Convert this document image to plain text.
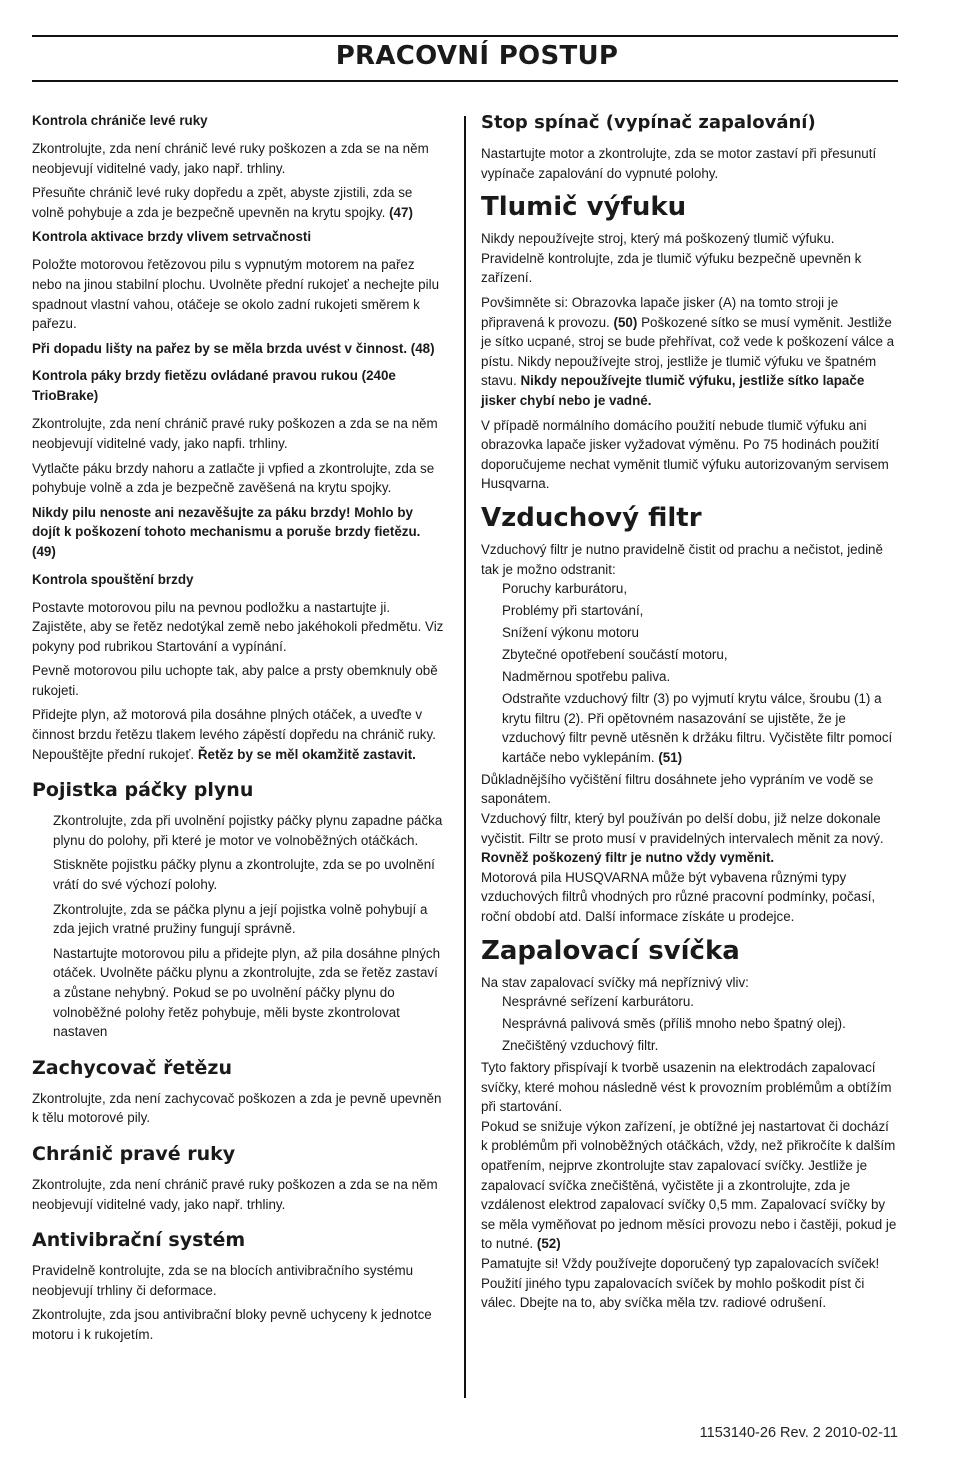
PRACOVNÍ POSTUP
Kontrola chrániče levé ruky

Zkontrolujte, zda není chránič levé ruky poškozen a zda se na něm neobjevují viditelné vady, jako např. trhliny.

Přesuňte chránič levé ruky dopředu a zpět, abyste zjistili, zda se volně pohybuje a zda je bezpečně upevněn na krytu spojky. (47)

Kontrola aktivace brzdy vlivem setrvačnosti

Položte motorovou řetězovou pilu s vypnutým motorem na pařez nebo na jinou stabilní plochu. Uvolněte přední rukojeť a nechejte pilu spadnout vlastní vahou, otáčeje se okolo zadní rukojeti směrem k pařezu.

Při dopadu lišty na pařez by se měla brzda uvést v činnost. (48)

Kontrola páky brzdy fietězu ovládané pravou rukou (240e TrioBrake)

Zkontrolujte, zda není chránič pravé ruky poškozen a zda se na něm neobjevují viditelné vady, jako napfi. trhliny.

Vytlačte páku brzdy nahoru a zatlačte ji vpfied a zkontrolujte, zda se pohybuje volně a zda je bezpečně zavěšená na krytu spojky.

Nikdy pilu nenoste ani nezavěšujte za páku brzdy! Mohlo by dojít k poškození tohoto mechanismu a poruše brzdy fietězu. (49)

Kontrola spouštění brzdy

Postavte motorovou pilu na pevnou podložku a nastartujte ji. Zajistěte, aby se řetěz nedotýkal země nebo jakéhokoli předmětu. Viz pokyny pod rubrikou Startování a vypínání.

Pevně motorovou pilu uchopte tak, aby palce a prsty obemknuly obě rukojeti.

Přidejte plyn, až motorová pila dosáhne plných otáček, a uveďte v činnost brzdu řetězu tlakem levého zápěstí dopředu na chránič ruky. Nepouštějte přední rukojeť. Řetěz by se měl okamžitě zastavit.

Pojistka páčky plynu

Zkontrolujte, zda při uvolnění pojistky páčky plynu zapadne páčka plynu do polohy, při které je motor ve volnoběžných otáčkách.

Stiskněte pojistku páčky plynu a zkontrolujte, zda se po uvolnění vrátí do své výchozí polohy.

Zkontrolujte, zda se páčka plynu a její pojistka volně pohybují a zda jejich vratné pružiny fungují správně.

Nastartujte motorovou pilu a přidejte plyn, až pila dosáhne plných otáček. Uvolněte páčku plynu a zkontrolujte, zda se řetěz zastaví a zůstane nehybný. Pokud se po uvolnění páčky plynu do volnoběžné polohy řetěz pohybuje, měli byste zkontrolovat nastaven

Zachycovač řetězu

Zkontrolujte, zda není zachycovač poškozen a zda je pevně upevněn k tělu motorové pily.

Chránič pravé ruky

Zkontrolujte, zda není chránič pravé ruky poškozen a zda se na něm neobjevují viditelné vady, jako např. trhliny.

Antivibrační systém

Pravidelně kontrolujte, zda se na blocích antivibračního systému neobjevují trhliny či deformace.

Zkontrolujte, zda jsou antivibrační bloky pevně uchyceny k jednotce motoru i k rukojetím.

Stop spínač (vypínač zapalování)

Nastartujte motor a zkontrolujte, zda se motor zastaví při přesunutí vypínače zapalování do vypnuté polohy.

Tlumič výfuku

Nikdy nepoužívejte stroj, který má poškozený tlumič výfuku. Pravidelně kontrolujte, zda je tlumič výfuku bezpečně upevněn k zařízení.

Povšimněte si: Obrazovka lapače jisker (A) na tomto stroji je připravená k provozu. (50) Poškozené sítko se musí vyměnit. Jestliže je sítko ucpané, stroj se bude přehřívat, což vede k poškození válce a pístu. Nikdy nepoužívejte stroj, jestliže je tlumič výfuku ve špatném stavu. Nikdy nepoužívejte tlumič výfuku, jestliže sítko lapače jisker chybí nebo je vadné.

V případě normálního domácího použití nebude tlumič výfuku ani obrazovka lapače jisker vyžadovat výměnu. Po 75 hodinách použití doporučujeme nechat vyměnit tlumič výfuku autorizovaným servisem Husqvarna.

Vzduchový filtr

Vzduchový filtr je nutno pravidelně čistit od prachu a nečistot, jedině tak je možno odstranit:

Poruchy karburátoru,

Problémy při startování,

Snížení výkonu motoru

Zbytečné opotřebení součástí motoru,

Nadměrnou spotřebu paliva.

Odstraňte vzduchový filtr (3) po vyjmutí krytu válce, šroubu (1) a krytu filtru (2). Při opětovném nasazování se ujistěte, že je vzduchový filtr pevně utěsněn k držáku filtru. Vyčistěte filtr pomocí kartáče nebo vyklepáním. (51)

Důkladnějšího vyčištění filtru dosáhnete jeho vypráním ve vodě se saponátem.

Vzduchový filtr, který byl používán po delší dobu, již nelze dokonale vyčistit. Filtr se proto musí v pravidelných intervalech měnit za nový. Rovněž poškozený filtr je nutno vždy vyměnit.

Motorová pila HUSQVARNA může být vybavena různými typy vzduchových filtrů vhodných pro různé pracovní podmínky, počasí, roční období atd. Další informace získáte u prodejce.

Zapalovací svíčka

Na stav zapalovací svíčky má nepříznivý vliv:

Nesprávné seřízení karburátoru.

Nesprávná palivová směs (příliš mnoho nebo špatný olej).

Znečištěný vzduchový filtr.

Tyto faktory přispívají k tvorbě usazenin na elektrodách zapalovací svíčky, které mohou následně vést k provozním problémům a obtížím při startování.

Pokud se snižuje výkon zařízení, je obtížné jej nastartovat či dochází k problémům při volnoběžných otáčkách, vždy, než přikročíte k dalším opatřením, nejprve zkontrolujte stav zapalovací svíčky. Jestliže je zapalovací svíčka znečištěná, vyčistěte ji a zkontrolujte, zda je vzdálenost elektrod zapalovací svíčky 0,5 mm. Zapalovací svíčky by se měla vyměňovat po jednom měsíci provozu nebo i častěji, pokud je to nutné. (52)

Pamatujte si! Vždy používejte doporučený typ zapalovacích svíček! Použití jiného typu zapalovacích svíček by mohlo poškodit píst či válec. Dbejte na to, aby svíčka měla tzv. radiové odrušení.

1153140-26 Rev. 2 2010-02-11
